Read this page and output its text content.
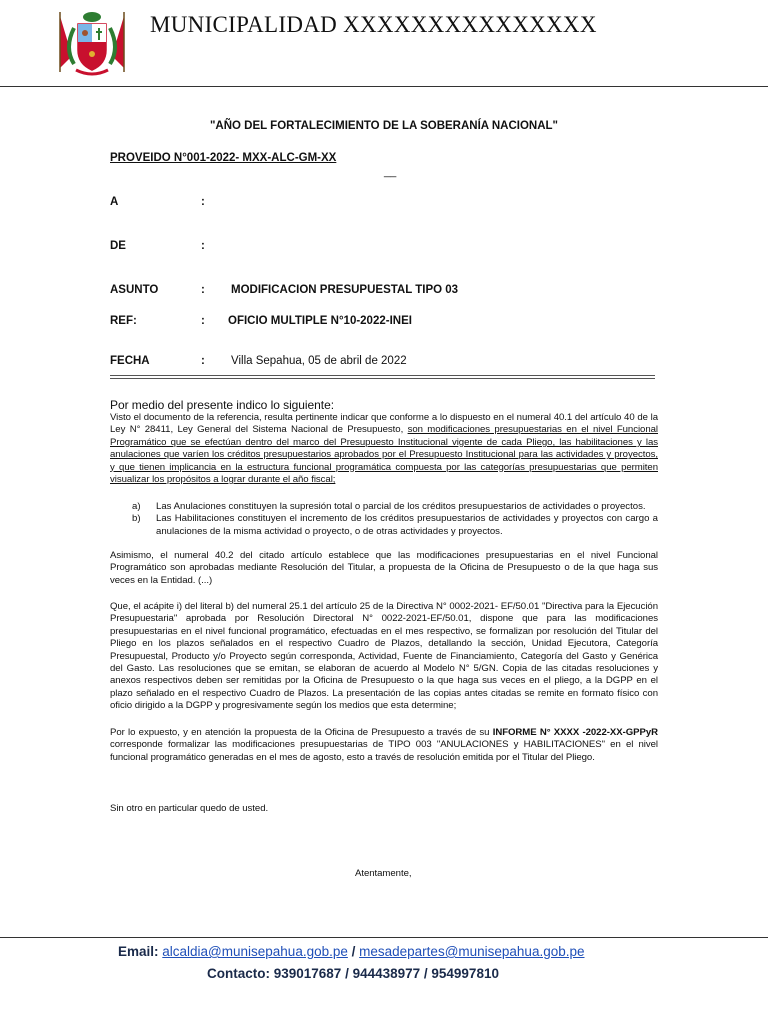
MUNICIPALIDAD XXXXXXXXXXXXXXX
"AÑO DEL FORTALECIMIENTO DE LA SOBERANÍA NACIONAL"
PROVEIDO N°001-2022- MXX-ALC-GM-XX
__
A	:
DE	:
ASUNTO	: MODIFICACION PRESUPUESTAL TIPO 03
REF:	: OFICIO MULTIPLE N°10-2022-INEI
FECHA	: Villa Sepahua, 05 de abril de 2022
Por medio del presente indico lo siguiente:
Visto el documento de la referencia, resulta pertinente indicar que conforme a lo dispuesto en el numeral 40.1 del artículo 40 de la Ley N° 28411, Ley General del Sistema Nacional de Presupuesto, son modificaciones presupuestarias en el nivel Funcional Programático que se efectúan dentro del marco del Presupuesto Institucional vigente de cada Pliego, las habilitaciones y las anulaciones que varíen los créditos presupuestarios aprobados por el Presupuesto Institucional para las actividades y proyectos, y que tienen implicancia en la estructura funcional programática compuesta por las categorías presupuestarias que permiten visualizar los propósitos a lograr durante el año fiscal;
a) Las Anulaciones constituyen la supresión total o parcial de los créditos presupuestarios de actividades o proyectos.
b) Las Habilitaciones constituyen el incremento de los créditos presupuestarios de actividades y proyectos con cargo a anulaciones de la misma actividad o proyecto, o de otras actividades y proyectos.
Asimismo, el numeral 40.2 del citado artículo establece que las modificaciones presupuestarias en el nivel Funcional Programático son aprobadas mediante Resolución del Titular, a propuesta de la Oficina de Presupuesto o de la que haga sus veces en la Entidad. (...)
Que, el acápite i) del literal b) del numeral 25.1 del artículo 25 de la Directiva N° 0002-2021- EF/50.01 "Directiva para la Ejecución Presupuestaria" aprobada por Resolución Directoral N° 0022-2021-EF/50.01, dispone que para las modificaciones presupuestarias en el nivel funcional programático, efectuadas en el mes respectivo, se formalizan por resolución del Titular del Pliego en los plazos señalados en el respectivo Cuadro de Plazos, detallando la sección, Unidad Ejecutora, Categoría Presupuestal, Producto y/o Proyecto según corresponda, Actividad, Fuente de Financiamiento, Categoría del Gasto y Genérica del Gasto. Las resoluciones que se emitan, se elaboran de acuerdo al Modelo N° 5/GN. Copia de las citadas resoluciones y anexos respectivos deben ser remitidas por la Oficina de Presupuesto o la que haga sus veces en el pliego, a la DGPP en el plazo señalado en el respectivo Cuadro de Plazos. La presentación de las copias antes citadas se remite en formato físico con oficio dirigido a la DGPP y progresivamente según los medios que esta determine;
Por lo expuesto, y en atención la propuesta de la Oficina de Presupuesto a través de su INFORME N° XXXX -2022-XX-GPPyR corresponde formalizar las modificaciones presupuestarias de TIPO 003 "ANULACIONES y HABILITACIONES" en el nivel funcional programático generadas en el mes de agosto, esto a través de resolución emitida por el Titular del Pliego.
Sin otro en particular quedo de usted.
Atentamente,
Email: alcaldia@munisepahua.gob.pe / mesadepartes@munisepahua.gob.pe
Contacto: 939017687 / 944438977 / 954997810
